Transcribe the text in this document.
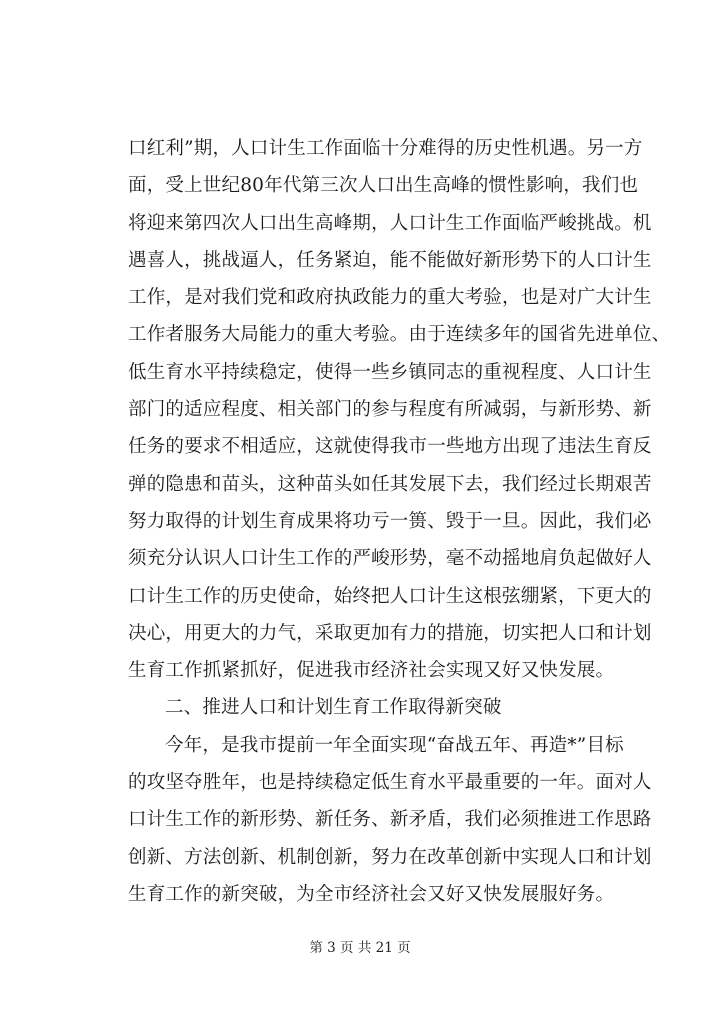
口红利”期，人口计生工作面临十分难得的历史性机遇。另一方
面，受上世纪80年代第三次人口出生高峰的惯性影响，我们也
将迎来第四次人口出生高峰期，人口计生工作面临严峻挑战。机
遇喜人，挑战逼人，任务紧迫，能不能做好新形势下的人口计生
工作，是对我们党和政府执政能力的重大考验，也是对广大计生
工作者服务大局能力的重大考验。由于连续多年的国省先进单位、
低生育水平持续稳定，使得一些乡镇同志的重视程度、人口计生
部门的适应程度、相关部门的参与程度有所减弱，与新形势、新
任务的要求不相适应，这就使得我市一些地方出现了违法生育反
弹的隐患和苗头，这种苗头如任其发展下去，我们经过长期艰苦
努力取得的计划生育成果将功亏一篑、毁于一旦。因此，我们必
须充分认识人口计生工作的严峻形势，毫不动摇地肩负起做好人
口计生工作的历史使命，始终把人口计生这根弦绷紧，下更大的
决心，用更大的力气，采取更加有力的措施，切实把人口和计划
生育工作抓紧抓好，促进我市经济社会实现又好又快发展。
二、推进人口和计划生育工作取得新突破
今年，是我市提前一年全面实现“奋战五年、再造*”目标
的攻坚夺胜年，也是持续稳定低生育水平最重要的一年。面对人
口计生工作的新形势、新任务、新矛盾，我们必须推进工作思路
创新、方法创新、机制创新，努力在改革创新中实现人口和计划
生育工作的新突破，为全市经济社会又好又快发展服好务。
第 3 页 共 21 页
